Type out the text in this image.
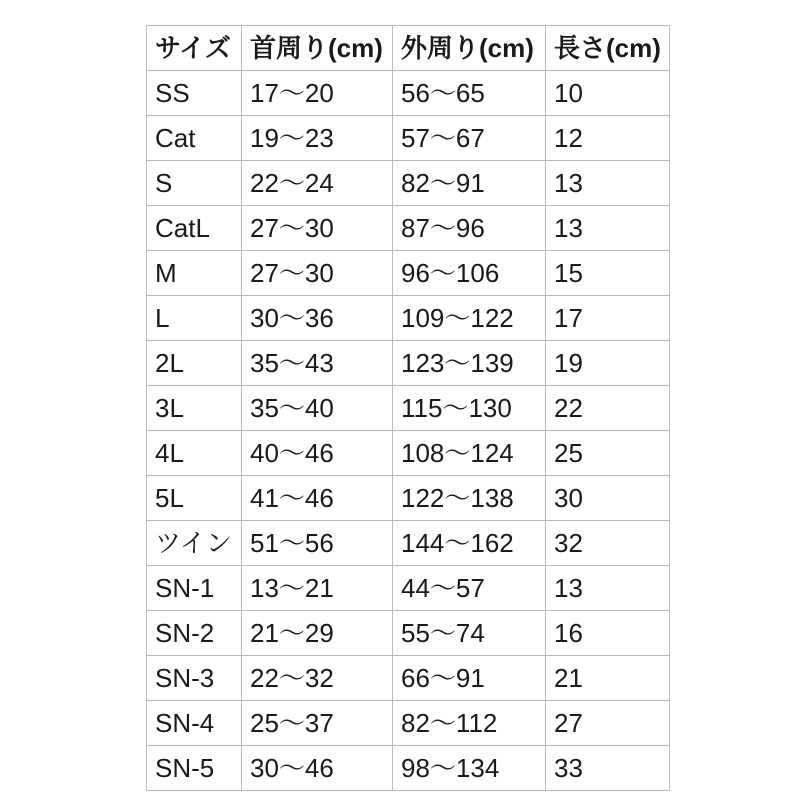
サイズ	首周り(cm)	外周り(cm)	長さ(cm)
SS	17〜20	56〜65	10
Cat	19〜23	57〜67	12
S	22〜24	82〜91	13
CatL	27〜30	87〜96	13
M	27〜30	96〜106	15
L	30〜36	109〜122	17
2L	35〜43	123〜139	19
3L	35〜40	115〜130	22
4L	40〜46	108〜124	25
5L	41〜46	122〜138	30
ツイン	51〜56	144〜162	32
SN-1	13〜21	44〜57	13
SN-2	21〜29	55〜74	16
SN-3	22〜32	66〜91	21
SN-4	25〜37	82〜112	27
SN-5	30〜46	98〜134	33
